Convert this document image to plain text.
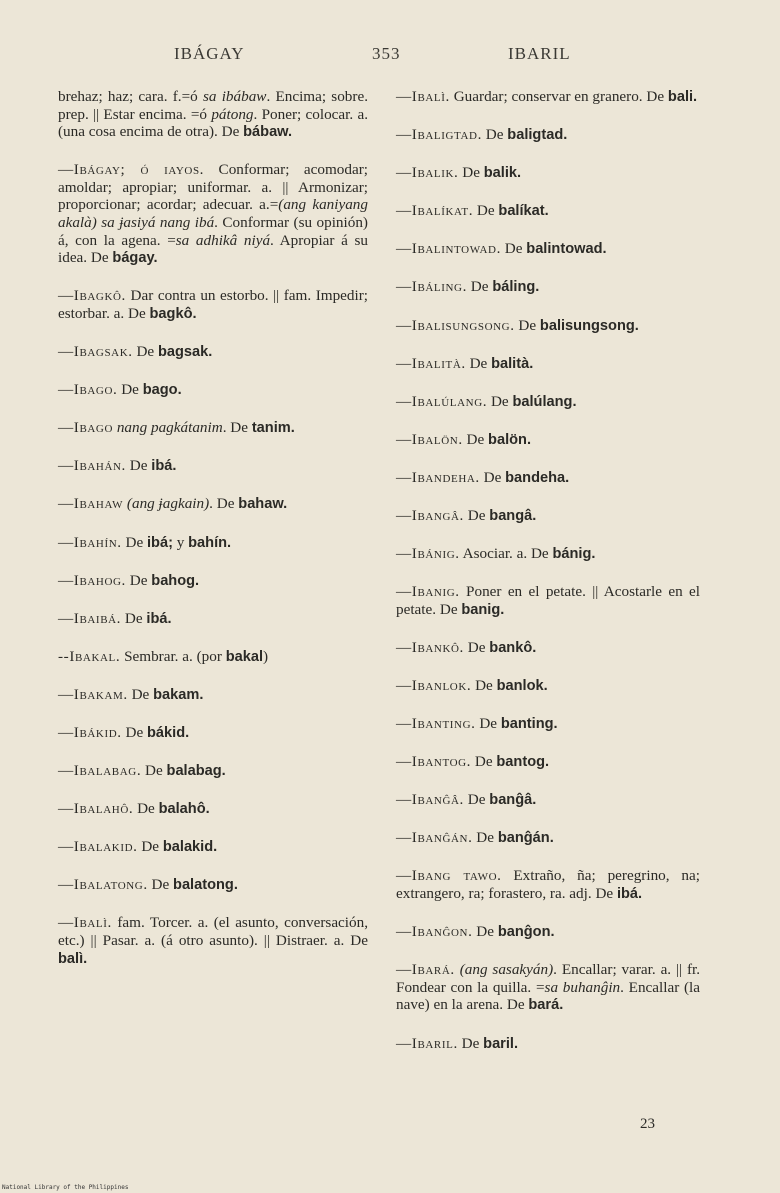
IBÁGAY	353	IBARIL

brehaz; haz; cara. f.=ó sa ibábaw. Encima; sobre. prep. || Estar encima. =ó pátong. Poner; colocar. a. (una cosa encima de otra). De bábaw.

—Ibágay; ó iayos. Conformar; acomodar; amoldar; apropiar; uniformar. a. || Armonizar; proporcionar; acordar; adecuar. a.=(ang kaniyang akalà) sa ɉasiyá nang ibá. Conformar (su opinión) á, con la agena. =sa adhikâ niyá. Apropiar á su idea. De bágay.

—Ibagkô. Dar contra un estorbo. || fam. Impedir; estorbar. a. De bagkô.

—Ibagsak. De bagsak.

—Ibago. De bago.

—Ibago nang pagkátanim. De tanim.

—Ibahán. De ibá.

—Ibahaw (ang ɉagkain). De bahaw.

—Ibahín. De ibá; y bahín.

—Ibahog. De bahog.

—Ibaibá. De ibá.

--Ibakal. Sembrar. a. (por bakal)

—Ibakam. De bakam.

—Ibákid. De bákid.

—Ibalabag. De balabag.

—Ibalahô. De balahô.

—Ibalakid. De balakid.

—Ibalatong. De balatong.

—Ibalì. fam. Torcer. a. (el asunto, conversación, etc.) || Pasar. a. (á otro asunto). || Distraer. a. De balì.

—Ibalì. Guardar; conservar en granero. De bali.

—Ibaligtad. De baligtad.

—Ibalik. De balik.

—Ibalíkat. De balíkat.

—Ibalintowad. De balintowad.

—Ibáling. De báling.

—Ibalisungsong. De balisungsong.

—Ibalità. De balità.

—Ibalúlang. De balúlang.

—Ibalön. De balön.

—Ibandeha. De bandeha.

—Ibangâ. De bangâ.

—Ibánig. Asociar. a. De bánig.

—Ibanig. Poner en el petate. || Acostarle en el petate. De banig.

—Ibankô. De bankô.

—Ibanlok. De banlok.

—Ibanting. De banting.

—Ibantog. De bantog.

—Ibanĝâ. De banĝâ.

—Ibanĝán. De banĝán.

—Ibang tawo. Extraño, ña; peregrino, na; extrangero, ra; forastero, ra. adj. De ibá.

—Ibanĝon. De banĝon.

—Ibará. (ang sasakyán). Encallar; varar. a. || fr. Fondear con la quilla. =sa buhanĝin. Encallar (la nave) en la arena. De bará.

—Ibaril. De baril.

23
National Library of the Philippines
